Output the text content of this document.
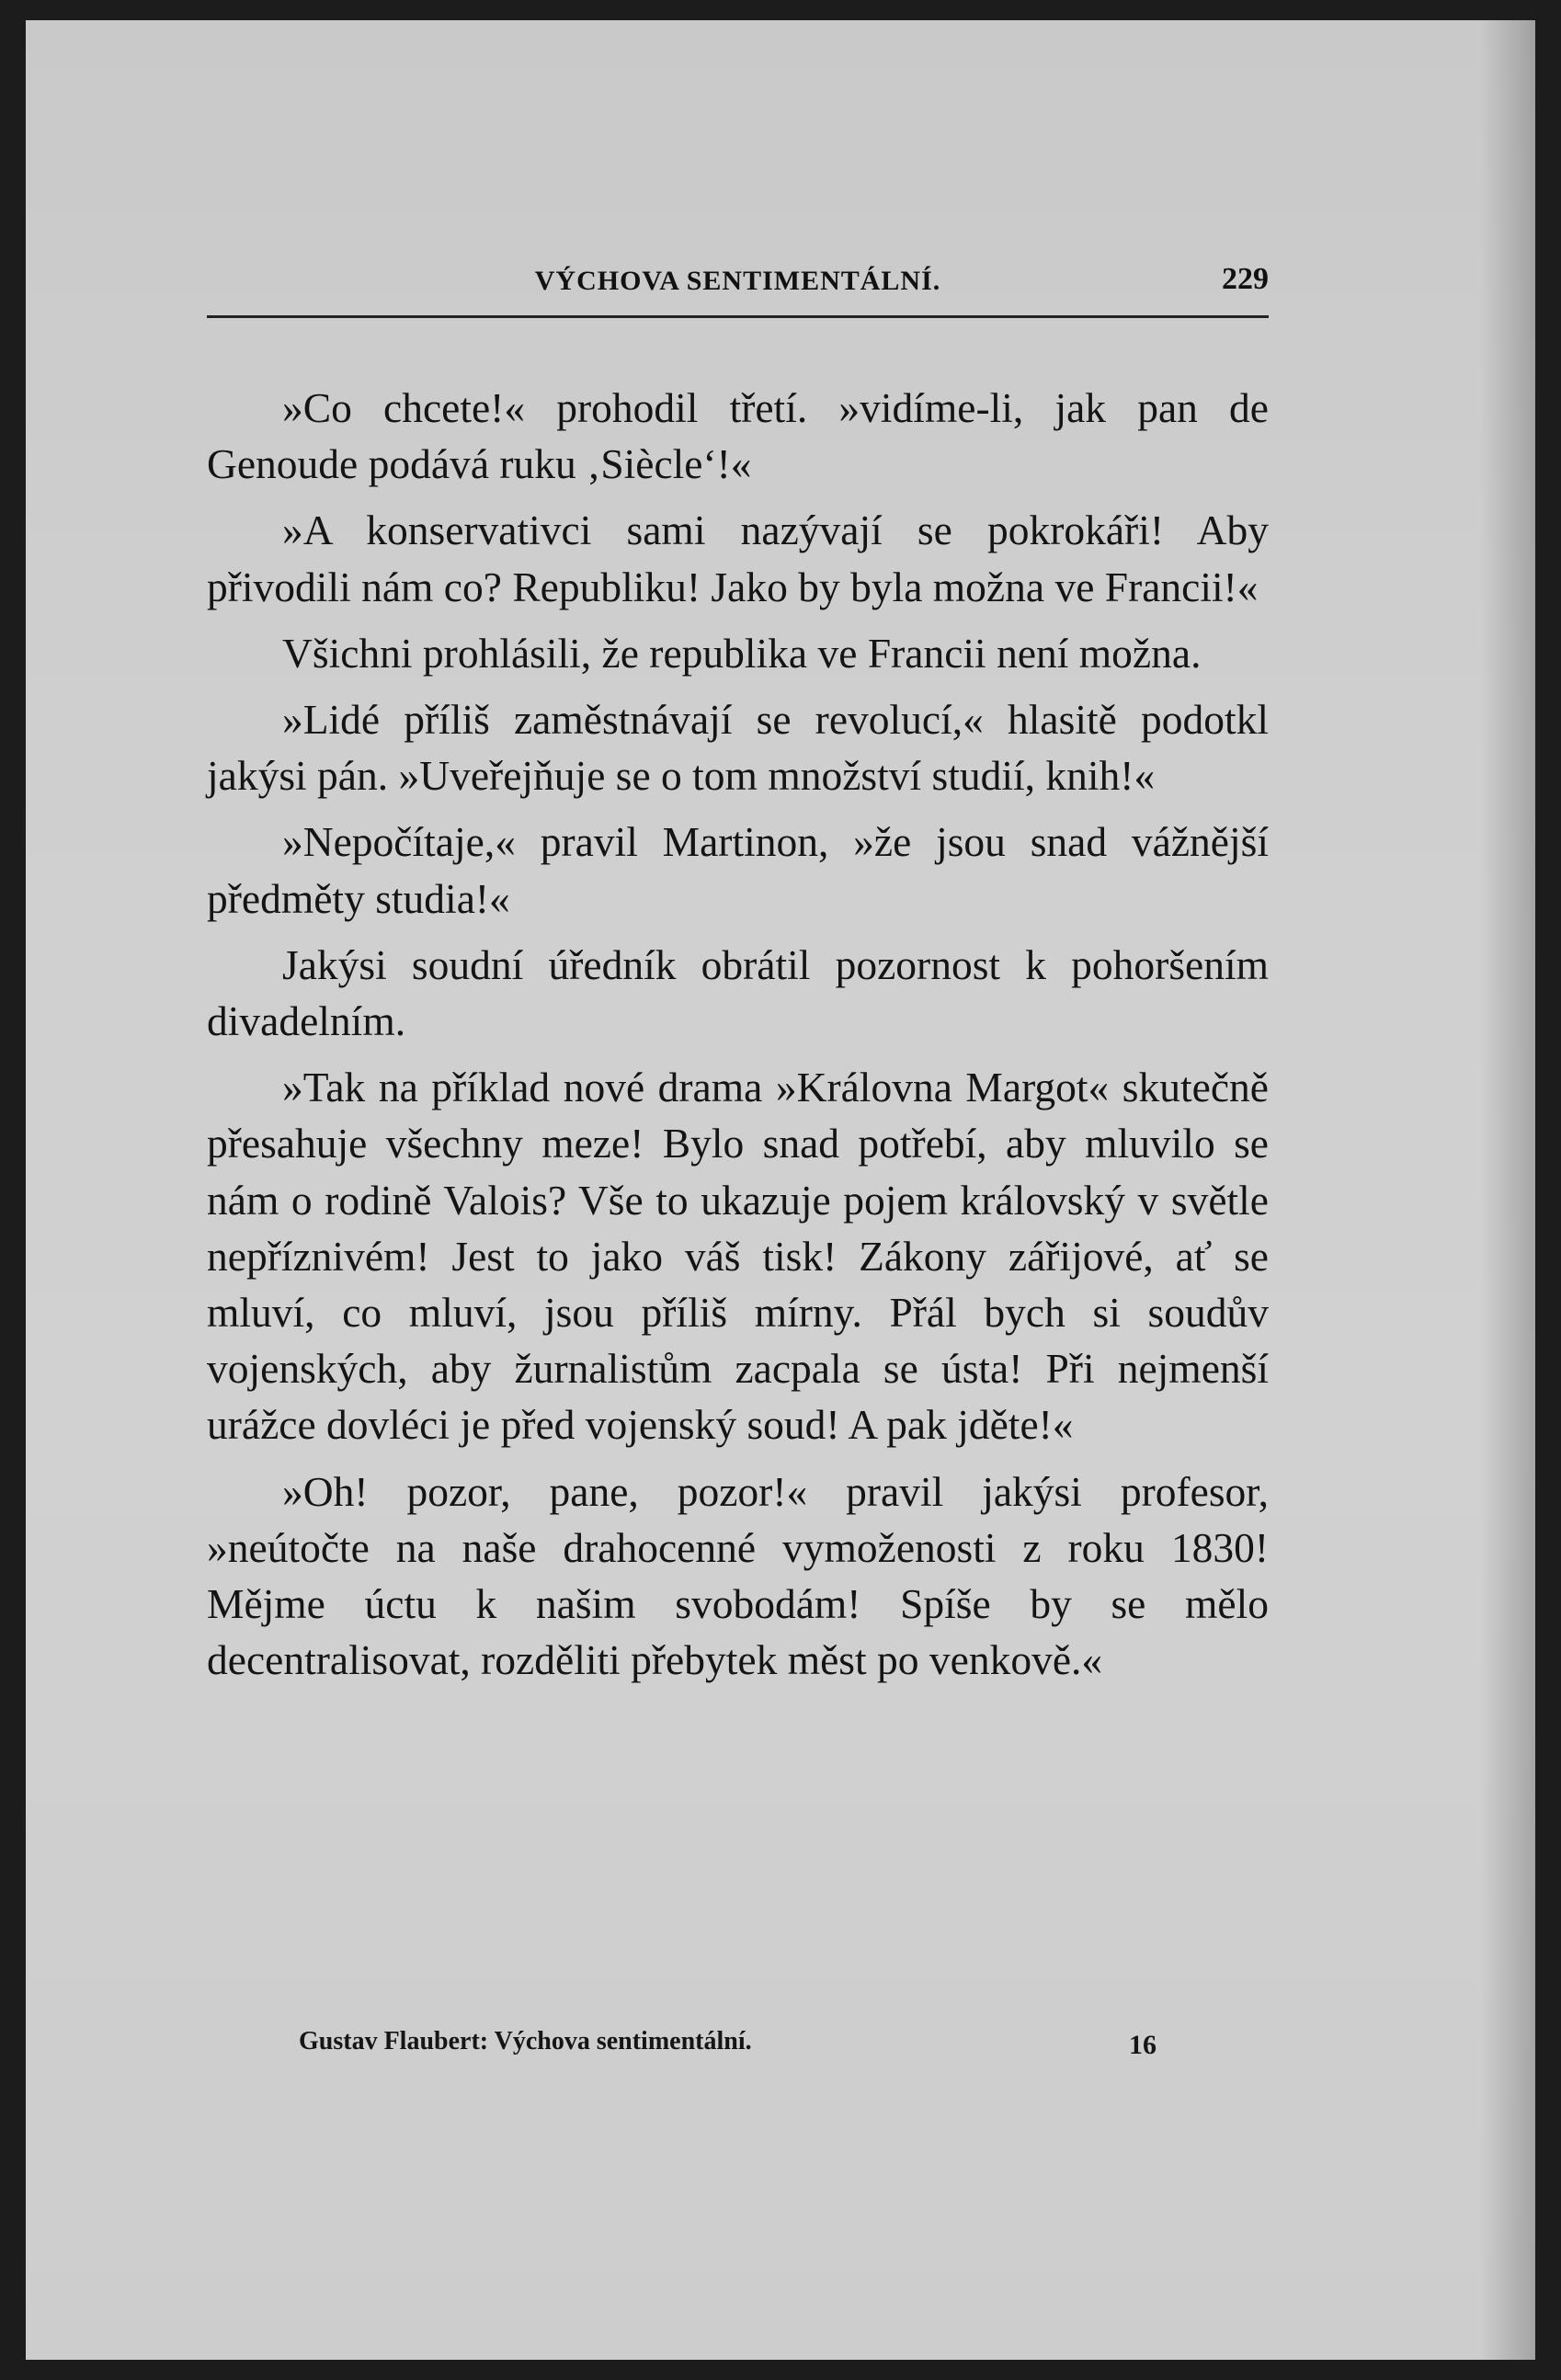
VÝCHOVA SENTIMENTÁLNÍ.	229

»Co chcete!« prohodil třetí. »vidíme-li, jak pan de Genoude podává ruku ‚Siècle‘!«

»A konservativci sami nazývají se pokrokáři! Aby přivodili nám co? Republiku! Jako by byla možna ve Francii!«

Všichni prohlásili, že republika ve Francii není možna.

»Lidé příliš zaměstnávají se revolucí,« hlasitě podotkl jakýsi pán. »Uveřejňuje se o tom množství studií, knih!«

»Nepočítaje,« pravil Martinon, »že jsou snad vážnější předměty studia!«

Jakýsi soudní úředník obrátil pozornost k pohoršením divadelním.

»Tak na příklad nové drama »Královna Margot« skutečně přesahuje všechny meze! Bylo snad potřebí, aby mluvilo se nám o rodině Valois? Vše to ukazuje pojem královský v světle nepříznivém! Jest to jako váš tisk! Zákony zářijové, ať se mluví, co mluví, jsou příliš mírny. Přál bych si soudův vojenských, aby žurnalistům zacpala se ústa! Při nejmenší urážce dovléci je před vojenský soud! A pak jděte!«

»Oh! pozor, pane, pozor!« pravil jakýsi profesor, »neútočte na naše drahocenné vymoženosti z roku 1830! Mějme úctu k našim svobodám! Spíše by se mělo decentralisovat, rozděliti přebytek měst po venkově.«

Gustav Flaubert: Výchova sentimentální.	16
